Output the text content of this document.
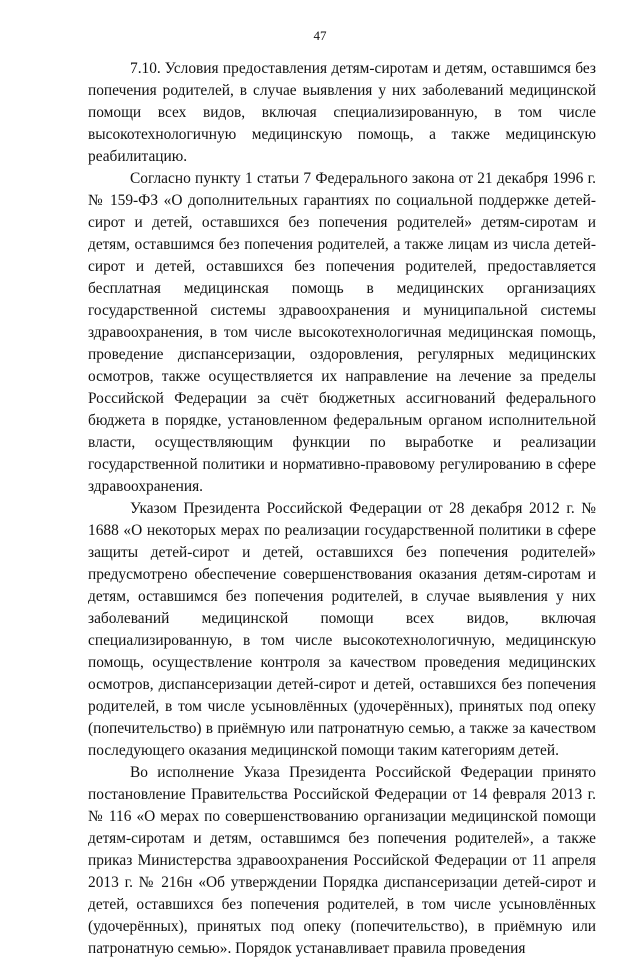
47

7.10. Условия предоставления детям-сиротам и детям, оставшимся без попечения родителей, в случае выявления у них заболеваний медицинской помощи всех видов, включая специализированную, в том числе высокотехнологичную медицинскую помощь, а также медицинскую реабилитацию.

Согласно пункту 1 статьи 7 Федерального закона от 21 декабря 1996 г. № 159-ФЗ «О дополнительных гарантиях по социальной поддержке детей-сирот и детей, оставшихся без попечения родителей» детям-сиротам и детям, оставшимся без попечения родителей, а также лицам из числа детей-сирот и детей, оставшихся без попечения родителей, предоставляется бесплатная медицинская помощь в медицинских организациях государственной системы здравоохранения и муниципальной системы здравоохранения, в том числе высокотехнологичная медицинская помощь, проведение диспансеризации, оздоровления, регулярных медицинских осмотров, также осуществляется их направление на лечение за пределы Российской Федерации за счёт бюджетных ассигнований федерального бюджета в порядке, установленном федеральным органом исполнительной власти, осуществляющим функции по выработке и реализации государственной политики и нормативно-правовому регулированию в сфере здравоохранения.

Указом Президента Российской Федерации от 28 декабря 2012 г. № 1688 «О некоторых мерах по реализации государственной политики в сфере защиты детей-сирот и детей, оставшихся без попечения родителей» предусмотрено обеспечение совершенствования оказания детям-сиротам и детям, оставшимся без попечения родителей, в случае выявления у них заболеваний медицинской помощи всех видов, включая специализированную, в том числе высокотехнологичную, медицинскую помощь, осуществление контроля за качеством проведения медицинских осмотров, диспансеризации детей-сирот и детей, оставшихся без попечения родителей, в том числе усыновлённых (удочерённых), принятых под опеку (попечительство) в приёмную или патронатную семью, а также за качеством последующего оказания медицинской помощи таким категориям детей.

Во исполнение Указа Президента Российской Федерации принято постановление Правительства Российской Федерации от 14 февраля 2013 г. № 116 «О мерах по совершенствованию организации медицинской помощи детям-сиротам и детям, оставшимся без попечения родителей», а также приказ Министерства здравоохранения Российской Федерации от 11 апреля 2013 г. № 216н «Об утверждении Порядка диспансеризации детей-сирот и детей, оставшихся без попечения родителей, в том числе усыновлённых (удочерённых), принятых под опеку (попечительство), в приёмную или патронатную семью». Порядок устанавливает правила проведения
